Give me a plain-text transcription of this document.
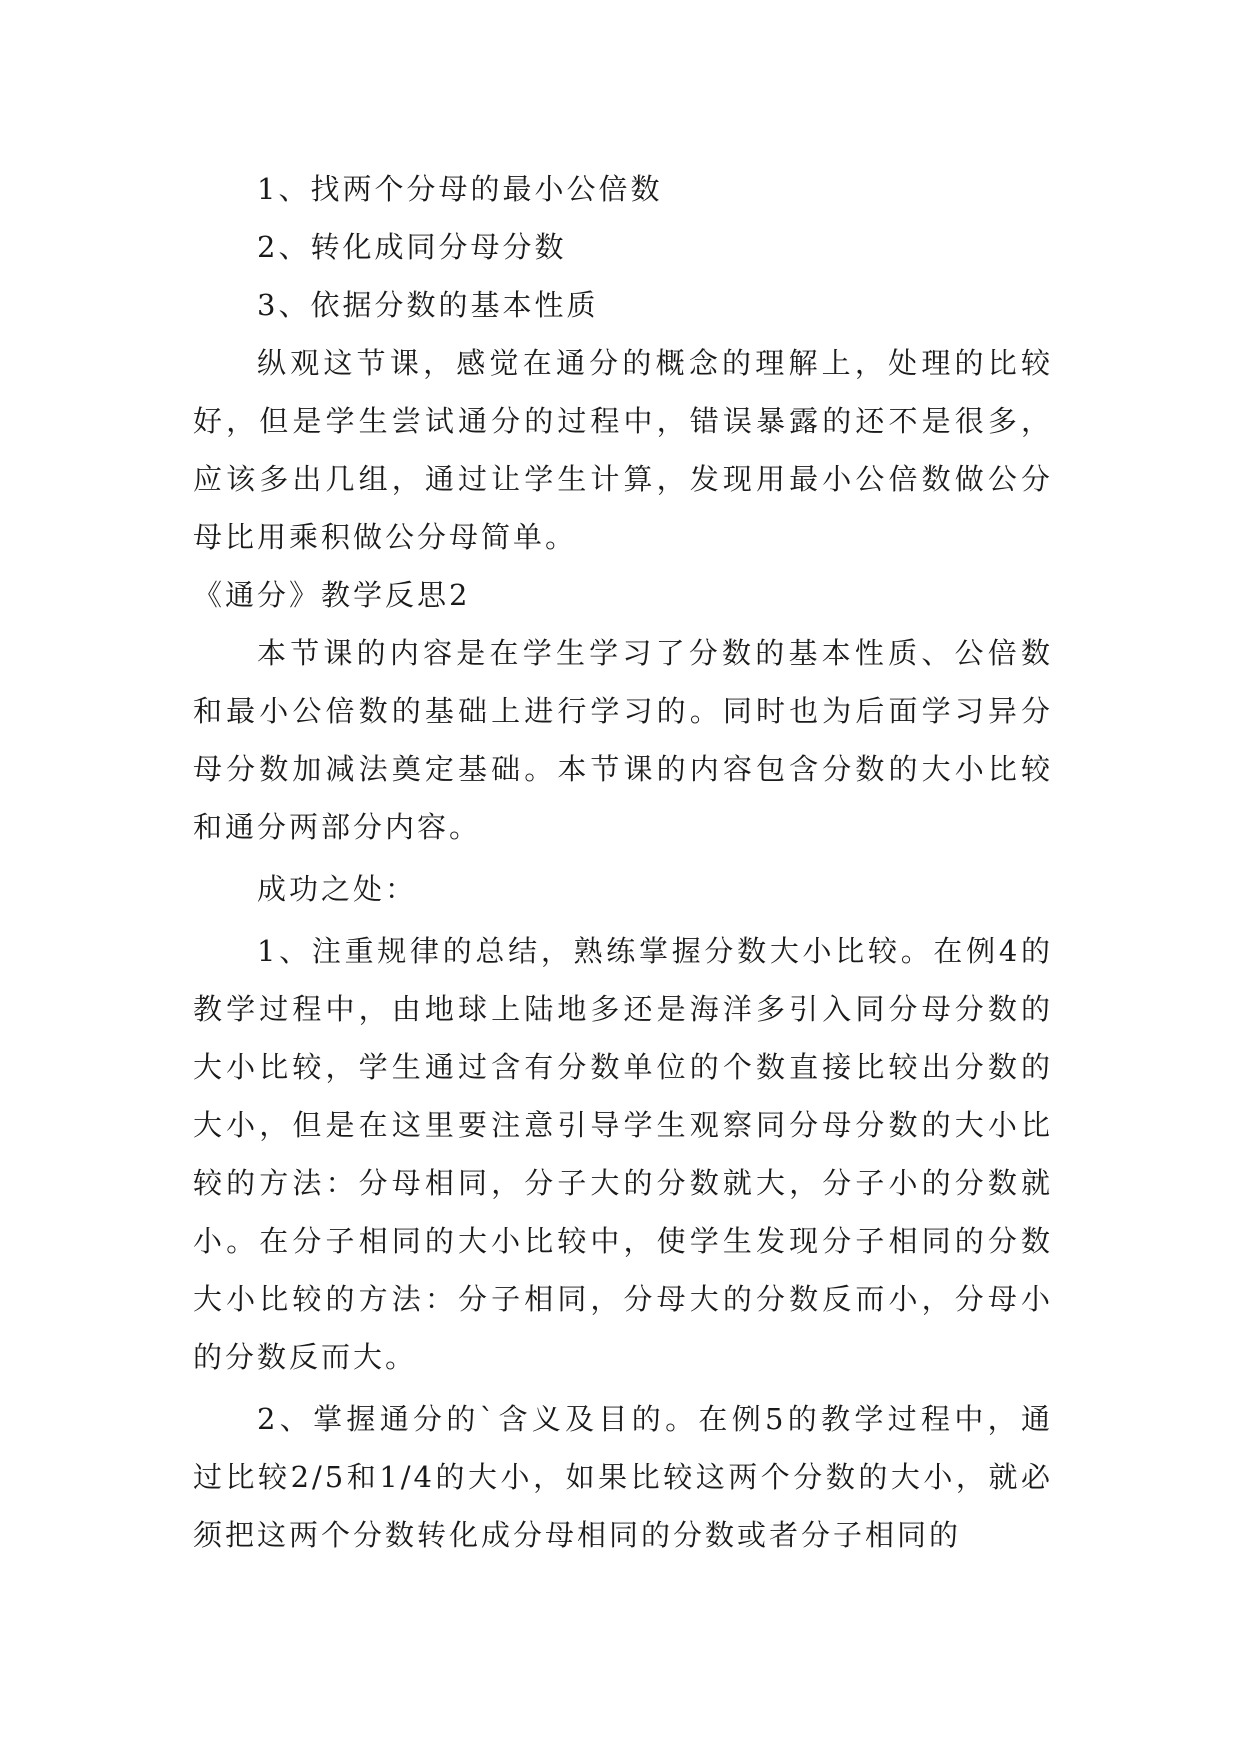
1、找两个分母的最小公倍数

2、转化成同分母分数

3、依据分数的基本性质

纵观这节课，感觉在通分的概念的理解上，处理的比较好，但是学生尝试通分的过程中，错误暴露的还不是很多，应该多出几组，通过让学生计算，发现用最小公倍数做公分母比用乘积做公分母简单。

《通分》教学反思2

本节课的内容是在学生学习了分数的基本性质、公倍数和最小公倍数的基础上进行学习的。同时也为后面学习异分母分数加减法奠定基础。本节课的内容包含分数的大小比较和通分两部分内容。

成功之处：

1、注重规律的总结，熟练掌握分数大小比较。在例4的教学过程中，由地球上陆地多还是海洋多引入同分母分数的大小比较，学生通过含有分数单位的个数直接比较出分数的大小，但是在这里要注意引导学生观察同分母分数的大小比较的方法：分母相同，分子大的分数就大，分子小的分数就小。在分子相同的大小比较中，使学生发现分子相同的分数大小比较的方法：分子相同，分母大的分数反而小，分母小的分数反而大。

2、掌握通分的`含义及目的。在例5的教学过程中，通过比较2/5和1/4的大小，如果比较这两个分数的大小，就必须把这两个分数转化成分母相同的分数或者分子相同的
